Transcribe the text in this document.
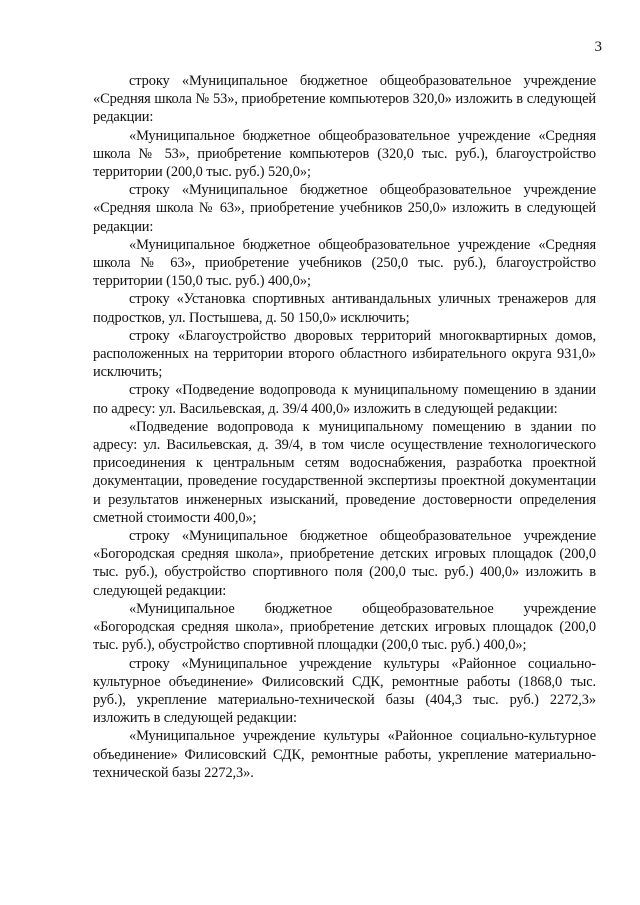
3

строку «Муниципальное бюджетное общеобразовательное учреждение «Средняя школа № 53», приобретение компьютеров 320,0» изложить в следующей редакции:

«Муниципальное бюджетное общеобразовательное учреждение «Средняя школа № 53», приобретение компьютеров (320,0 тыс. руб.), благоустройство территории (200,0 тыс. руб.) 520,0»;

строку «Муниципальное бюджетное общеобразовательное учреждение «Средняя школа № 63», приобретение учебников 250,0» изложить в следующей редакции:

«Муниципальное бюджетное общеобразовательное учреждение «Средняя школа № 63», приобретение учебников (250,0 тыс. руб.), благоустройство территории (150,0 тыс. руб.) 400,0»;

строку «Установка спортивных антивандальных уличных тренажеров для подростков, ул. Постышева, д. 50 150,0» исключить;

строку «Благоустройство дворовых территорий многоквартирных домов, расположенных на территории второго областного избирательного округа 931,0» исключить;

строку «Подведение водопровода к муниципальному помещению в здании по адресу: ул. Васильевская, д. 39/4 400,0» изложить в следующей редакции:

«Подведение водопровода к муниципальному помещению в здании по адресу: ул. Васильевская, д. 39/4, в том числе осуществление технологического присоединения к центральным сетям водоснабжения, разработка проектной документации, проведение государственной экспертизы проектной документации и результатов инженерных изысканий, проведение достоверности определения сметной стоимости 400,0»;

строку «Муниципальное бюджетное общеобразовательное учреждение «Богородская средняя школа», приобретение детских игровых площадок (200,0 тыс. руб.), обустройство спортивного поля (200,0 тыс. руб.) 400,0» изложить в следующей редакции:

«Муниципальное бюджетное общеобразовательное учреждение «Богородская средняя школа», приобретение детских игровых площадок (200,0 тыс. руб.), обустройство спортивной площадки (200,0 тыс. руб.) 400,0»;

строку «Муниципальное учреждение культуры «Районное социально-культурное объединение» Филисовский СДК, ремонтные работы (1868,0 тыс. руб.), укрепление материально-технической базы (404,3 тыс. руб.) 2272,3» изложить в следующей редакции:

«Муниципальное учреждение культуры «Районное социально-культурное объединение» Филисовский СДК, ремонтные работы, укрепление материально-технической базы 2272,3».
